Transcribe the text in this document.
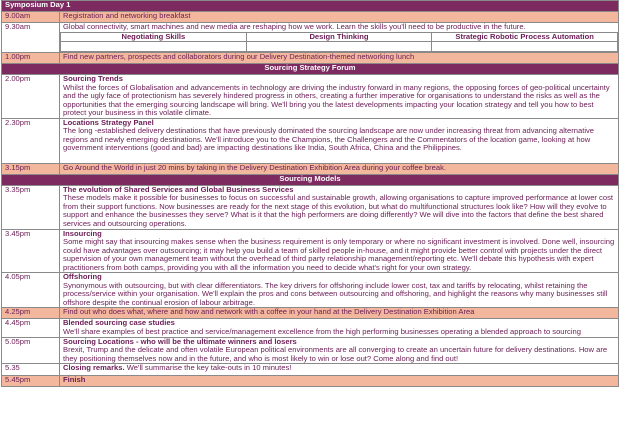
Symposium Day 1
9.00am	Registration and networking breakfast
9.30am	Global connectivity, smart machines and new media are reshaping how we work. Learn the skills you'll need to be productive in the future.
Negotiating Skills	Design Thinking	Strategic Robotic Process Automation

1.00pm	Find new partners, prospects and collaborators during our Delivery Destination-themed networking lunch
Sourcing Strategy Forum
2.00pm	Sourcing Trends
Whilst the forces of Globalisation and advancements in technology are driving the industry forward in many regions, the opposing forces of geo-political uncertainty and the ugly face of protectionism has severely hindered progress in others, creating a further imperative for organisations to understand the risks as well as the opportunities that the emerging sourcing landscape will bring. We'll bring you the latest developments impacting your location strategy and tell you how to best protect your business in this volatile climate.

2.30pm	Locations Strategy Panel
The long -established delivery destinations that have previously dominated the sourcing landscape are now under increasing threat from advancing alternative regions and newly emerging destinations. We'll introduce you to the Champions, the Challengers and the Commentators of the location game, looking at how government interventions (good and bad) are impacting destinations like India, South Africa, China and the Philippines.

3.15pm	Go Around the World in just 20 mins by taking in the Delivery Destination Exhibition Area during your coffee break.
Sourcing Models
3.35pm	The evolution of Shared Services and Global Business Services
These models make it possible for businesses to focus on successful and sustainable growth, allowing organisations to capture improved performance at lower cost from their support functions. Now businesses are ready for the next stage of this evolution, but what do multifunctional structures look like? How will they evolve to support and enhance the businesses they serve? What is it that the high performers are doing differently? We will dive into the factors that define the best shared services and outsourcing operations.

3.45pm	Insourcing
Some might say that insourcing makes sense when the business requirement is only temporary or where no significant investment is involved. Done well, insourcing could have advantages over outsourcing; it may help you build a team of skilled people in-house, and it might provide better control with projects under the direct supervision of your own management team without the overhead of third party relationship management/reporting etc. We'll debate this hypothesis with expert practitioners from both camps, providing you with all the information you need to decide what's right for your own strategy.

4.05pm	Offshoring
Synonymous with outsourcing, but with clear differentiators. The key drivers for offshoring include lower cost, tax and tariffs by relocating, whilst retaining the process/service within your organisation. We'll explain the pros and cons between outsourcing and offshoring, and highlight the reasons why many businesses still offshore despite the continual erosion of labour arbitrage.

4.25pm	Find out who does what, where and how and network with a coffee in your hand at the Delivery Destination Exhibition Area
4.45pm	Blended sourcing case studies
We'll share examples of best practice and service/management excellence from the high performing businesses operating a blended approach to sourcing

5.05pm	Sourcing Locations - who will be the ultimate winners and losers
Brexit, Trump and the delicate and often volatile European political environments are all converging to create an uncertain future for delivery destinations. How are they positioning themselves now and in the future, and who is most likely to win or lose out? Come along and find out!

5.35	Closing remarks. We'll summarise the key take-outs in 10 minutes!
5.45pm	Finish
